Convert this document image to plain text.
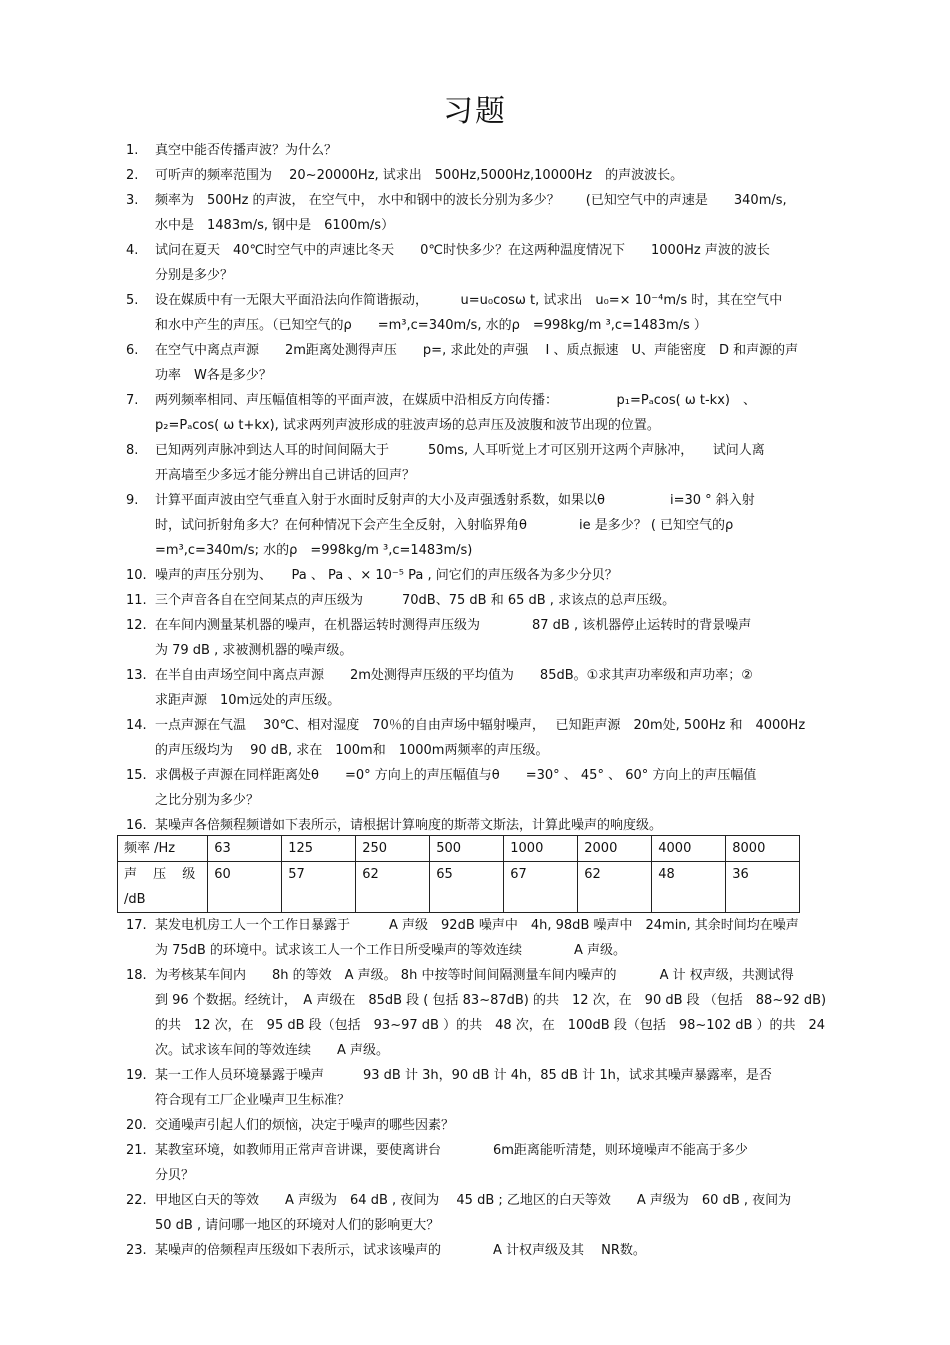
习题
1. 真空中能否传播声波？为什么？
2. 可听声的频率范围为　 20~20000Hz, 试求出　500Hz,5000Hz,10000Hz　的声波波长。
3. 频率为　500Hz 的声波， 在空气中， 水中和钢中的波长分别为多少？　　(已知空气中的声速是　　340m/s,
水中是　1483m/s, 钢中是　6100m/s）
4. 试问在夏天　40℃时空气中的声速比冬天　　0℃时快多少？在这两种温度情况下　　1000Hz 声波的波长
分别是多少？
5. 设在媒质中有一无限大平面沿法向作简谐振动，　　　u=u₀cosω t, 试求出　u₀=× 10⁻⁴m/s 时，其在空气中
和水中产生的声压。（已知空气的ρ　　=m³,c=340m/s, 水的ρ　=998kg/m ³,c=1483m/s ）
6. 在空气中离点声源　　2m距离处测得声压　　p=, 求此处的声强　 I 、质点振速　U、声能密度　D 和声源的声
功率　W各是多少？
7. 两列频率相同、声压幅值相等的平面声波，在媒质中沿相反方向传播：　　　　　p₁=Pₐcos( ω t-kx)　、
p₂=Pₐcos( ω t+kx), 试求两列声波形成的驻波声场的总声压及波腹和波节出现的位置。
8. 已知两列声脉冲到达人耳的时间间隔大于　　　50ms, 人耳听觉上才可区别开这两个声脉冲，　　试问人离
开高墙至少多远才能分辨出自己讲话的回声？
9. 计算平面声波由空气垂直入射于水面时反射声的大小及声强透射系数，如果以θ　　　　　i=30 ° 斜入射
时，试问折射角多大？在何种情况下会产生全反射，入射临界角θ　　　　ie 是多少？ ( 已知空气的ρ
=m³,c=340m/s; 水的ρ　=998kg/m ³,c=1483m/s)
10. 噪声的声压分别为、　　Pa 、 Pa 、× 10⁻⁵ Pa , 问它们的声压级各为多少分贝？
11. 三个声音各自在空间某点的声压级为　　　70dB、75 dB 和 65 dB , 求该点的总声压级。
12. 在车间内测量某机器的噪声，在机器运转时测得声压级为　　　　87 dB , 该机器停止运转时的背景噪声
为 79 dB , 求被测机器的噪声级。
13. 在半自由声场空间中离点声源　　2m处测得声压级的平均值为　　85dB。①求其声功率级和声功率；②
求距声源　10m远处的声压级。
14. 一点声源在气温　 30℃、相对湿度　70％的自由声场中辐射噪声，　 已知距声源　20m处, 500Hz 和　4000Hz
的声压级均为　 90 dB, 求在　100m和　1000m两频率的声压级。
15. 求偶极子声源在同样距离处θ　　=0° 方向上的声压幅值与θ　　=30° 、 45° 、 60° 方向上的声压幅值
之比分别为多少？
16. 某噪声各倍频程频谱如下表所示，请根据计算响度的斯蒂文斯法，计算此噪声的响度级。
17. 某发电机房工人一个工作日暴露于　　　A 声级　92dB 噪声中　4h, 98dB 噪声中　24min, 其余时间均在噪声
为 75dB 的环境中。试求该工人一个工作日所受噪声的等效连续　　　　A 声级。
18. 为考核某车间内　　8h 的等效　A 声级。 8h 中按等时间间隔测量车间内噪声的　　　 A 计 权声级，共测试得
到 96 个数据。经统计，　A 声级在　85dB 段 ( 包括 83~87dB) 的共　12 次，在　90 dB 段 （包括　88~92 dB)
的共　12 次，在　95 dB 段（包括　93~97 dB ）的共　48 次，在　100dB 段（包括　98~102 dB ）的共　24
次。试求该车间的等效连续　　A 声级。
19. 某一工作人员环境暴露于噪声　　　93 dB 计 3h，90 dB 计 4h，85 dB 计 1h，试求其噪声暴露率，是否
符合现有工厂企业噪声卫生标准？
20. 交通噪声引起人们的烦恼，决定于噪声的哪些因素？
21. 某教室环境，如教师用正常声音讲课，要使离讲台　　　　6m距离能听清楚，则环境噪声不能高于多少
分贝？
22. 甲地区白天的等效　　A 声级为　64 dB , 夜间为　 45 dB ; 乙地区的白天等效　　A 声级为　60 dB , 夜间为
50 dB , 请问哪一地区的环境对人们的影响更大？
23. 某噪声的倍频程声压级如下表所示，试求该噪声的　　　　A 计权声级及其　 NR数。
频率 /Hz	63	125	250	500	1000	2000	4000	8000
声 压 级
/dB	60	57	62	65	67	62	48	36
